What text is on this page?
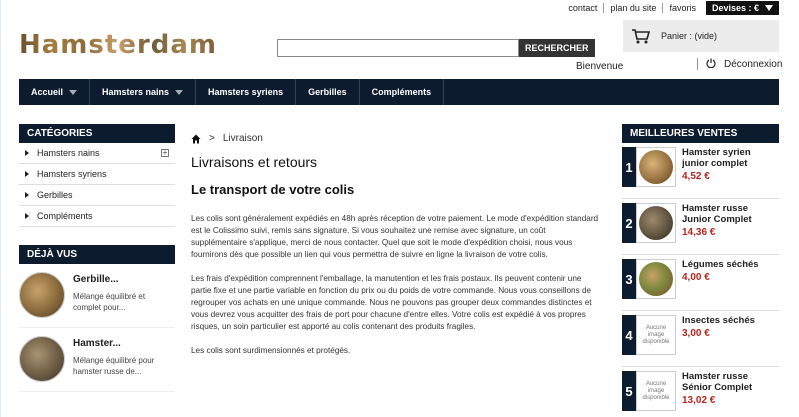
contact	plan du site	favoris	Devises : €
Hamsterdam	RECHERCHER
Panier : (vide)
Bienvenue	Déconnexion
Accueil	Hamsters nains	Hamsters syriens	Gerbilles	Compléments
CATÉGORIES
Hamsters nains	+
Hamsters syriens
Gerbilles
Compléments
DÉJÀ VUS
Gerbille...
Mélange équilibré et complet pour...
Hamster...
Mélange équilibré pour hamster russe de...
> Livraison
Livraisons et retours
Le transport de votre colis

Les colis sont généralement expédiés en 48h après réception de votre paiement. Le mode d'expédition standard est le Colissimo suivi, remis sans signature. Si vous souhaitez une remise avec signature, un coût supplémentaire s'applique, merci de nous contacter. Quel que soit le mode d'expédition choisi, nous vous fournirons dès que possible un lien qui vous permettra de suivre en ligne la livraison de votre colis.

Les frais d'expédition comprennent l'emballage, la manutention et les frais postaux. Ils peuvent contenir une partie fixe et une partie variable en fonction du prix ou du poids de votre commande. Nous vous conseillons de regrouper vos achats en une unique commande. Nous ne pouvons pas grouper deux commandes distinctes et vous devrez vous acquitter des frais de port pour chacune d'entre elles. Votre colis est expédié à vos propres risques, un soin particulier est apporté au colis contenant des produits fragiles.

Les colis sont surdimensionnés et protégés.

MEILLEURES VENTES
1
Hamster syrien junior complet
4,52 €
2
Hamster russe Junior Complet
14,36 €
3
Légumes séchés
4,00 €
4	Aucune image disponible
Insectes séchés
3,00 €
5	Aucune image disponible
Hamster russe Sénior Complet
13,02 €
